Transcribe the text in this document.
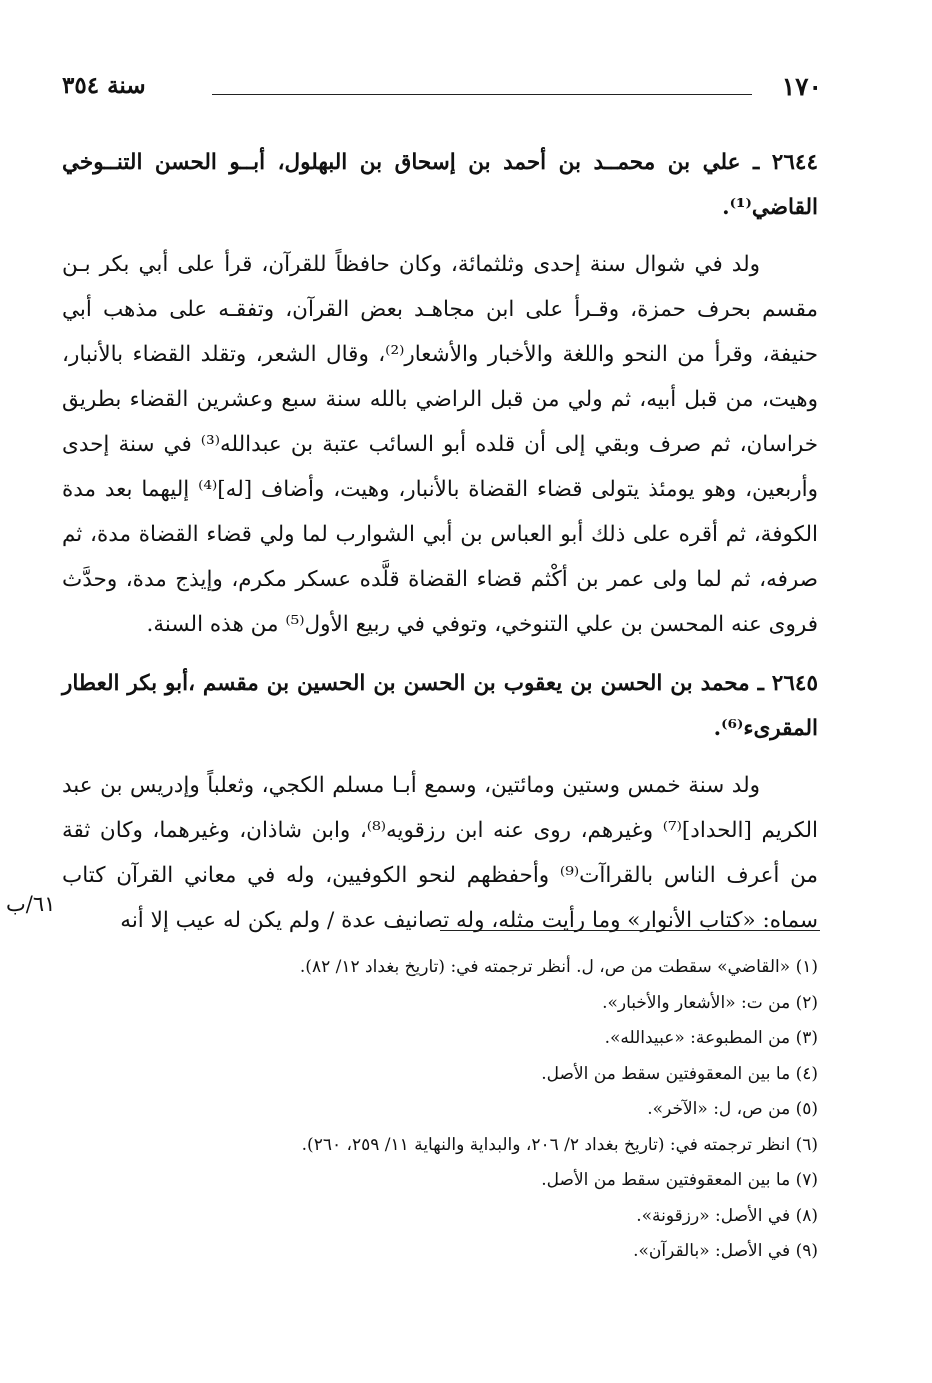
١٧٠
سنة ٣٥٤

٢٦٤٤ ـ علي بن محمــد بن أحمد بن إسحاق بن البهلول، أبــو الحسن التنــوخي القاضي⁽¹⁾.

ولد في شوال سنة إحدى وثلثمائة، وكان حافظاً للقرآن، قرأ على أبي بكر بـن مقسم بحرف حمزة، وقـرأ على ابن مجاهـد بعض القرآن، وتفقـه على مذهب أبي حنيفة، وقرأ من النحو واللغة والأخبار والأشعار⁽²⁾، وقال الشعر، وتقلد القضاء بالأنبار، وهيت، من قبل أبيه، ثم ولي من قبل الراضي بالله سنة سبع وعشرين القضاء بطريق خراسان، ثم صرف وبقي إلى أن قلده أبو السائب عتبة بن عبدالله⁽³⁾ في سنة إحدى وأربعين، وهو يومئذ يتولى قضاء القضاة بالأنبار، وهيت، وأضاف [له]⁽⁴⁾ إليهما بعد مدة الكوفة، ثم أقره على ذلك أبو العباس بن أبي الشوارب لما ولي قضاء القضاة مدة، ثم صرفه، ثم لما ولى عمر بن أكْثم قضاء القضاة قلَّده عسكر مكرم، وإيذج مدة، وحدَّث فروى عنه المحسن بن علي التنوخي، وتوفي في ربيع الأول⁽⁵⁾ من هذه السنة.

٢٦٤٥ ـ محمد بن الحسن بن يعقوب بن الحسن بن الحسين بن مقسم ،أبو بكر العطار المقرىء⁽⁶⁾.

ولد سنة خمس وستين ومائتين، وسمع أبـا مسلم الكجي، وثعلباً وإدريس بن عبد الكريم [الحداد]⁽⁷⁾ وغيرهم، روى عنه ابن رزقويه⁽⁸⁾، وابن شاذان، وغيرهما، وكان ثقة من أعرف الناس بالقراآت⁽⁹⁾ وأحفظهم لنحو الكوفيين، وله في معاني القرآن كتاب سماه: «كتاب الأنوار» وما رأيت مثله، وله تصانيف عدة / ولم يكن له عيب إلا أنه

٦١/ب
(١) «القاضي» سقطت من ص، ل. أنظر ترجمته في: (تاريخ بغداد ١٢/ ٨٢).
(٢) من ت: «الأشعار والأخبار».
(٣) من المطبوعة: «عبيدالله».
(٤) ما بين المعقوفتين سقط من الأصل.
(٥) من ص، ل: «الآخر».
(٦) انظر ترجمته في: (تاريخ بغداد ٢/ ٢٠٦، والبداية والنهاية ١١/ ٢٥٩، ٢٦٠).
(٧) ما بين المعقوفتين سقط من الأصل.
(٨) في الأصل: «رزقونة».
(٩) في الأصل: «بالقرآن».
